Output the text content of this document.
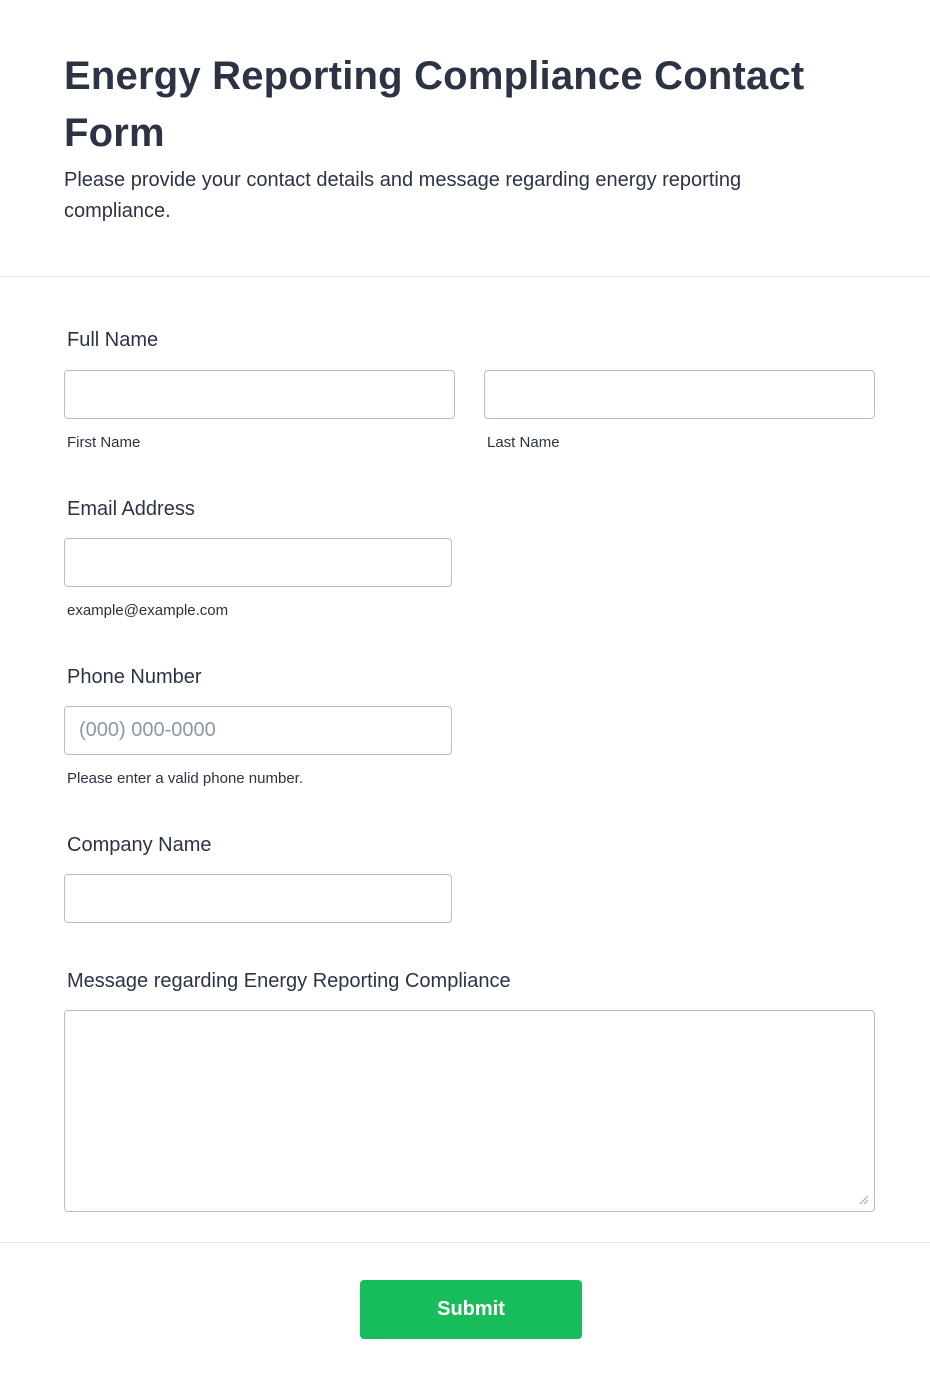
Energy Reporting Compliance Contact Form

Please provide your contact details and message regarding energy reporting compliance.

Full Name
First Name	Last Name
Email Address
example@example.com
Phone Number
(000) 000-0000
Please enter a valid phone number.
Company Name
Message regarding Energy Reporting Compliance
Submit
